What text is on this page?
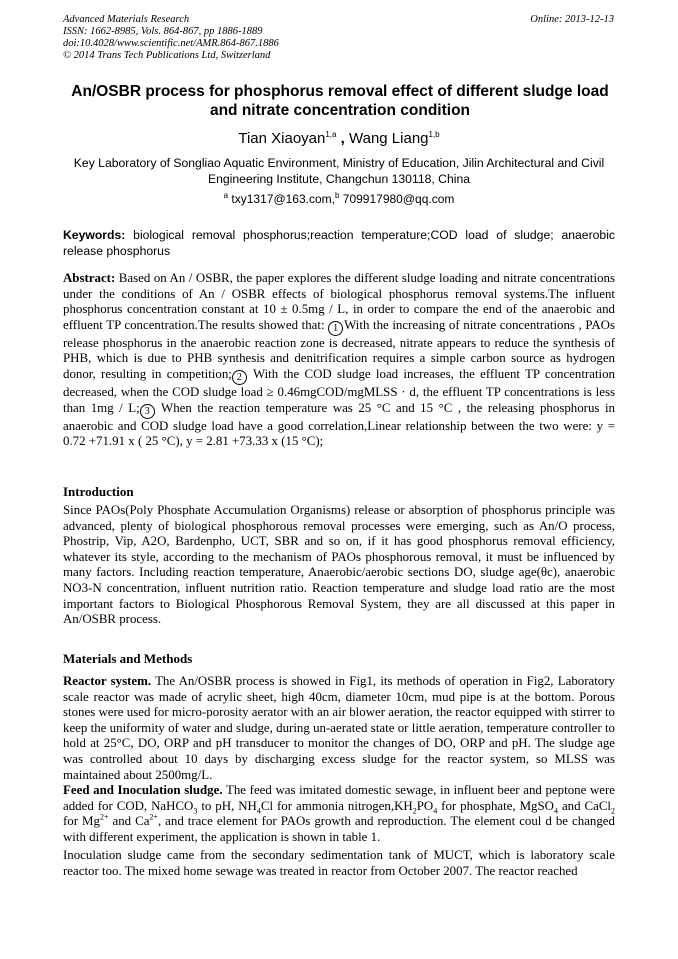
Advanced Materials Research
ISSN: 1662-8985, Vols. 864-867, pp 1886-1889
doi:10.4028/www.scientific.net/AMR.864-867.1886
© 2014 Trans Tech Publications Ltd, Switzerland
Online: 2013-12-13
An/OSBR process for phosphorus removal effect of different sludge load and nitrate concentration condition
Tian Xiaoyan$^{1,a}$ , Wang Liang$^{1,b}$
Key Laboratory of Songliao Aquatic Environment, Ministry of Education, Jilin Architectural and Civil Engineering Institute, Changchun 130118, China
$^a$ txy1317@163.com,$^b$ 709917980@qq.com
Keywords: biological removal phosphorus;reaction temperature;COD load of sludge; anaerobic release phosphorus
Abstract: Based on An / OSBR, the paper explores the different sludge loading and nitrate concentrations under the conditions of An / OSBR effects of biological phosphorus removal systems.The influent phosphorus concentration constant at 10 ± 0.5mg / L, in order to compare the end of the anaerobic and effluent TP concentration.The results showed that: 1 With the increasing of nitrate concentrations , PAOs release phosphorus in the anaerobic reaction zone is decreased, nitrate appears to reduce the synthesis of PHB, which is due to PHB synthesis and denitrification requires a simple carbon source as hydrogen donor, resulting in competition; 2 With the COD sludge load increases, the effluent TP concentration decreased, when the COD sludge load ≥ 0.46mgCOD/mgMLSS · d, the effluent TP concentrations is less than 1mg / L; 3 When the reaction temperature was 25 °C and 15 °C , the releasing phosphorus in anaerobic and COD sludge load have a good correlation,Linear relationship between the two were: y = 0.72 +71.91 x ( 25 °C), y = 2.81 +73.33 x (15 °C);
Introduction
Since PAOs(Poly Phosphate Accumulation Organisms) release or absorption of phosphorus principle was advanced, plenty of biological phosphorous removal processes were emerging, such as An/O process, Phostrip, Vip, A2O, Bardenpho, UCT, SBR and so on, if it has good phosphorus removal efficiency, whatever its style, according to the mechanism of PAOs phosphorous removal, it must be influenced by many factors. Including reaction temperature, Anaerobic/aerobic sections DO, sludge age(θc), anaerobic NO3-N concentration, influent nutrition ratio. Reaction temperature and sludge load ratio are the most important factors to Biological Phosphorous Removal System, they are all discussed at this paper in An/OSBR process.
Materials and Methods
Reactor system. The An/OSBR process is showed in Fig1, its methods of operation in Fig2, Laboratory scale reactor was made of acrylic sheet, high 40cm, diameter 10cm, mud pipe is at the bottom. Porous stones were used for micro-porosity aerator with an air blower aeration, the reactor equipped with stirrer to keep the uniformity of water and sludge, during un-aerated state or little aeration, temperature controller to hold at 25°C, DO, ORP and pH transducer to monitor the changes of DO, ORP and pH. The sludge age was controlled about 10 days by discharging excess sludge for the reactor system, so MLSS was maintained about 2500mg/L.
Feed and Inoculation sludge. The feed was imitated domestic sewage, in influent beer and peptone were added for COD, NaHCO$_3$ to pH, $NH_4Cl$ for ammonia $nitrogen,KH_2PO_4$ for phosphate, MgSO$_4$ and CaCl$_2$ for $Mg^{2+}$ and $Ca^{2+}$, and trace element for PAOs growth and reproduction. The element coul d be changed with different experiment, the application is shown in table 1.
Inoculation sludge came from the secondary sedimentation tank of MUCT, which is laboratory scale reactor too. The mixed home sewage was treated in reactor from October 2007. The reactor reached
